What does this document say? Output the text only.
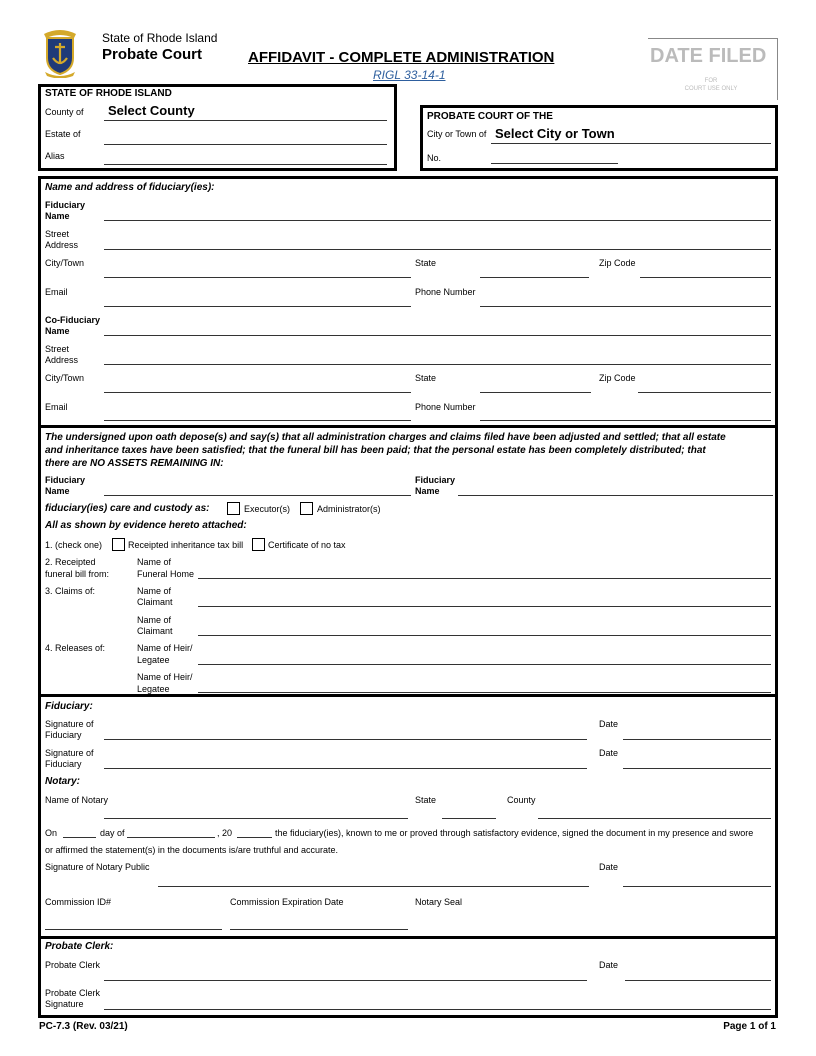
State of Rhode Island
Probate Court	AFFIDAVIT - COMPLETE ADMINISTRATION
RIGL 33-14-1
DATE FILED
FOR
COURT USE ONLY
STATE OF RHODE ISLAND
County of Select County
Estate of
Alias
PROBATE COURT OF THE
City or Town of Select City or Town
No.
Name and address of fiduciary(ies):
Fiduciary
Name
Street
Address
City/Town	State	Zip Code
Email	Phone Number
Co-Fiduciary
Name
Street
Address
City/Town	State	Zip Code
Email	Phone Number
The undersigned upon oath depose(s) and say(s) that all administration charges and claims filed have been adjusted and settled; that all estate
and inheritance taxes have been satisfied; that the funeral bill has been paid; that the personal estate has been completely distributed; that
there are NO ASSETS REMAINING IN:
Fiduciary
Name
Fiduciary
Name
fiduciary(ies) care and custody as:	Executor(s)	Administrator(s)
All as shown by evidence hereto attached:
1. (check one)	Receipted inheritance tax bill	Certificate of no tax
2. Receipted
funeral bill from:
Name of
Funeral Home
3. Claims of:	Name of
Claimant
Name of
Claimant
4. Releases of:	Name of Heir/
Legatee
Name of Heir/
Legatee
Fiduciary:
Signature of
Fiduciary
Date
Signature of
Fiduciary
Date
Notary:
Name of Notary	State	County
On	day of	, 20	the fiduciary(ies), known to me or proved through satisfactory evidence, signed the document in my presence and swore
or affirmed the statement(s) in the documents is/are truthful and accurate.
Signature of Notary Public	Date
Commission ID#	Commission Expiration Date	Notary Seal
Probate Clerk:
Probate Clerk	Date
Probate Clerk
Signature
PC-7.3 (Rev. 03/21)	Page 1 of 1
